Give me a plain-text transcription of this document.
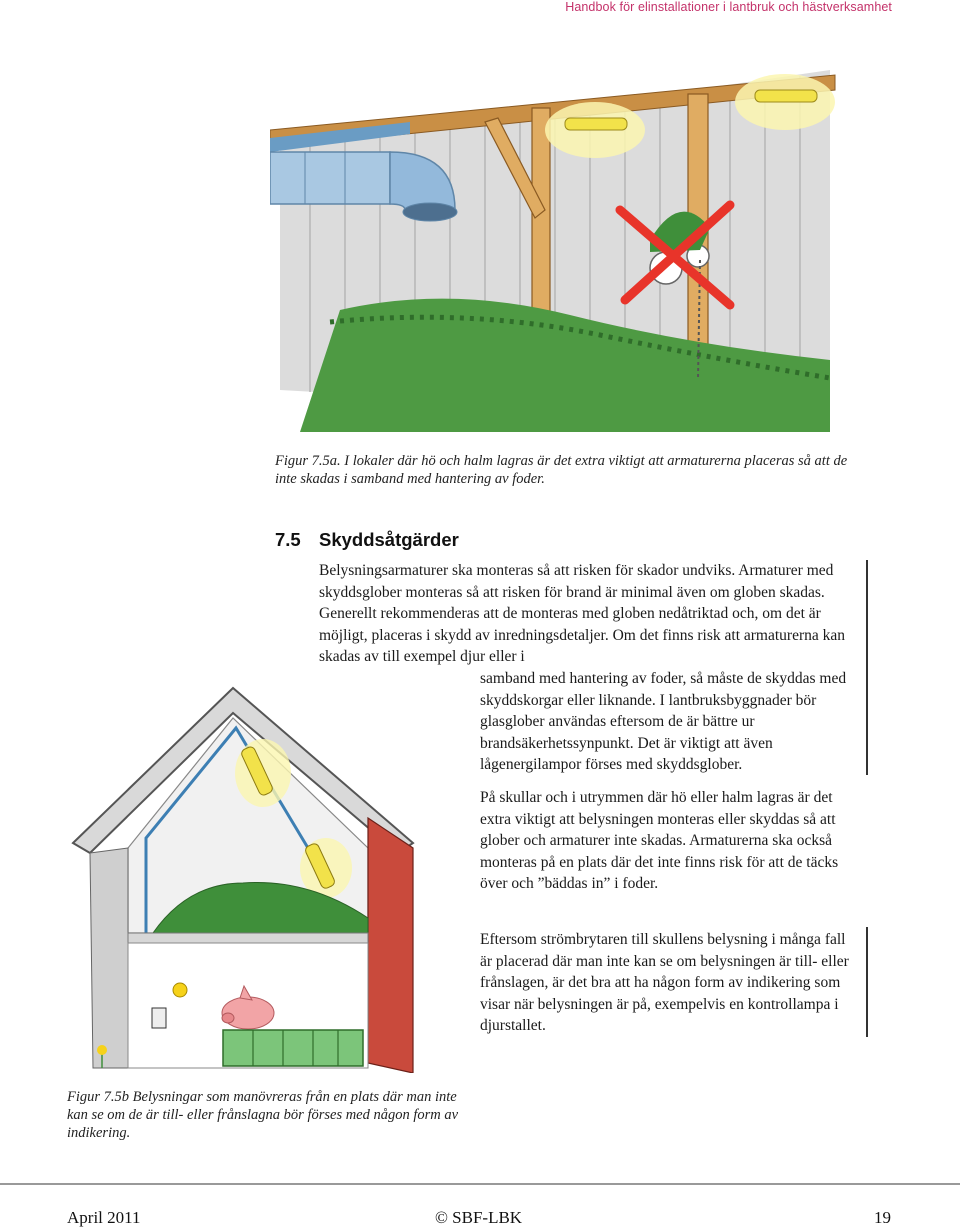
Handbok för elinstallationer i lantbruk och hästverksamhet
Figur 7.5a. I lokaler där hö och halm lagras är det extra viktigt att armaturerna placeras så att de inte skadas i samband med hantering av foder.
7.5 Skyddsåtgärder
Belysningsarmaturer ska monteras så att risken för skador undviks. Armaturer med skyddsglober monteras så att risken för brand är minimal även om globen skadas. Generellt rekommenderas att de monteras med globen nedåtriktad och, om det är möjligt, placeras i skydd av inredningsdetaljer. Om det finns risk att armaturerna kan skadas av till exempel djur eller i
samband med hantering av foder, så måste de skyddas med skyddskorgar eller liknande. I lantbruksbyggnader bör glasglober användas eftersom de är bättre ur brandsäkerhetssynpunkt. Det är viktigt att även lågenergilampor förses med skyddsglober.
På skullar och i utrymmen där hö eller halm lagras är det extra viktigt att belysningen monteras eller skyddas så att glober och armaturer inte skadas. Armaturerna ska också monteras på en plats där det inte finns risk för att de täcks över och ”bäddas in” i foder.
Eftersom strömbrytaren till skullens belysning i många fall är placerad där man inte kan se om belysningen är till- eller frånslagen, är det bra att ha någon form av indikering som visar när belysningen är på, exempelvis en kontrollampa i djurstallet.
Figur 7.5b Belysningar som manövreras från en plats där man inte kan se om de är till- eller frånslagna bör förses med någon form av indikering.
April 2011	© SBF-LBK	19
